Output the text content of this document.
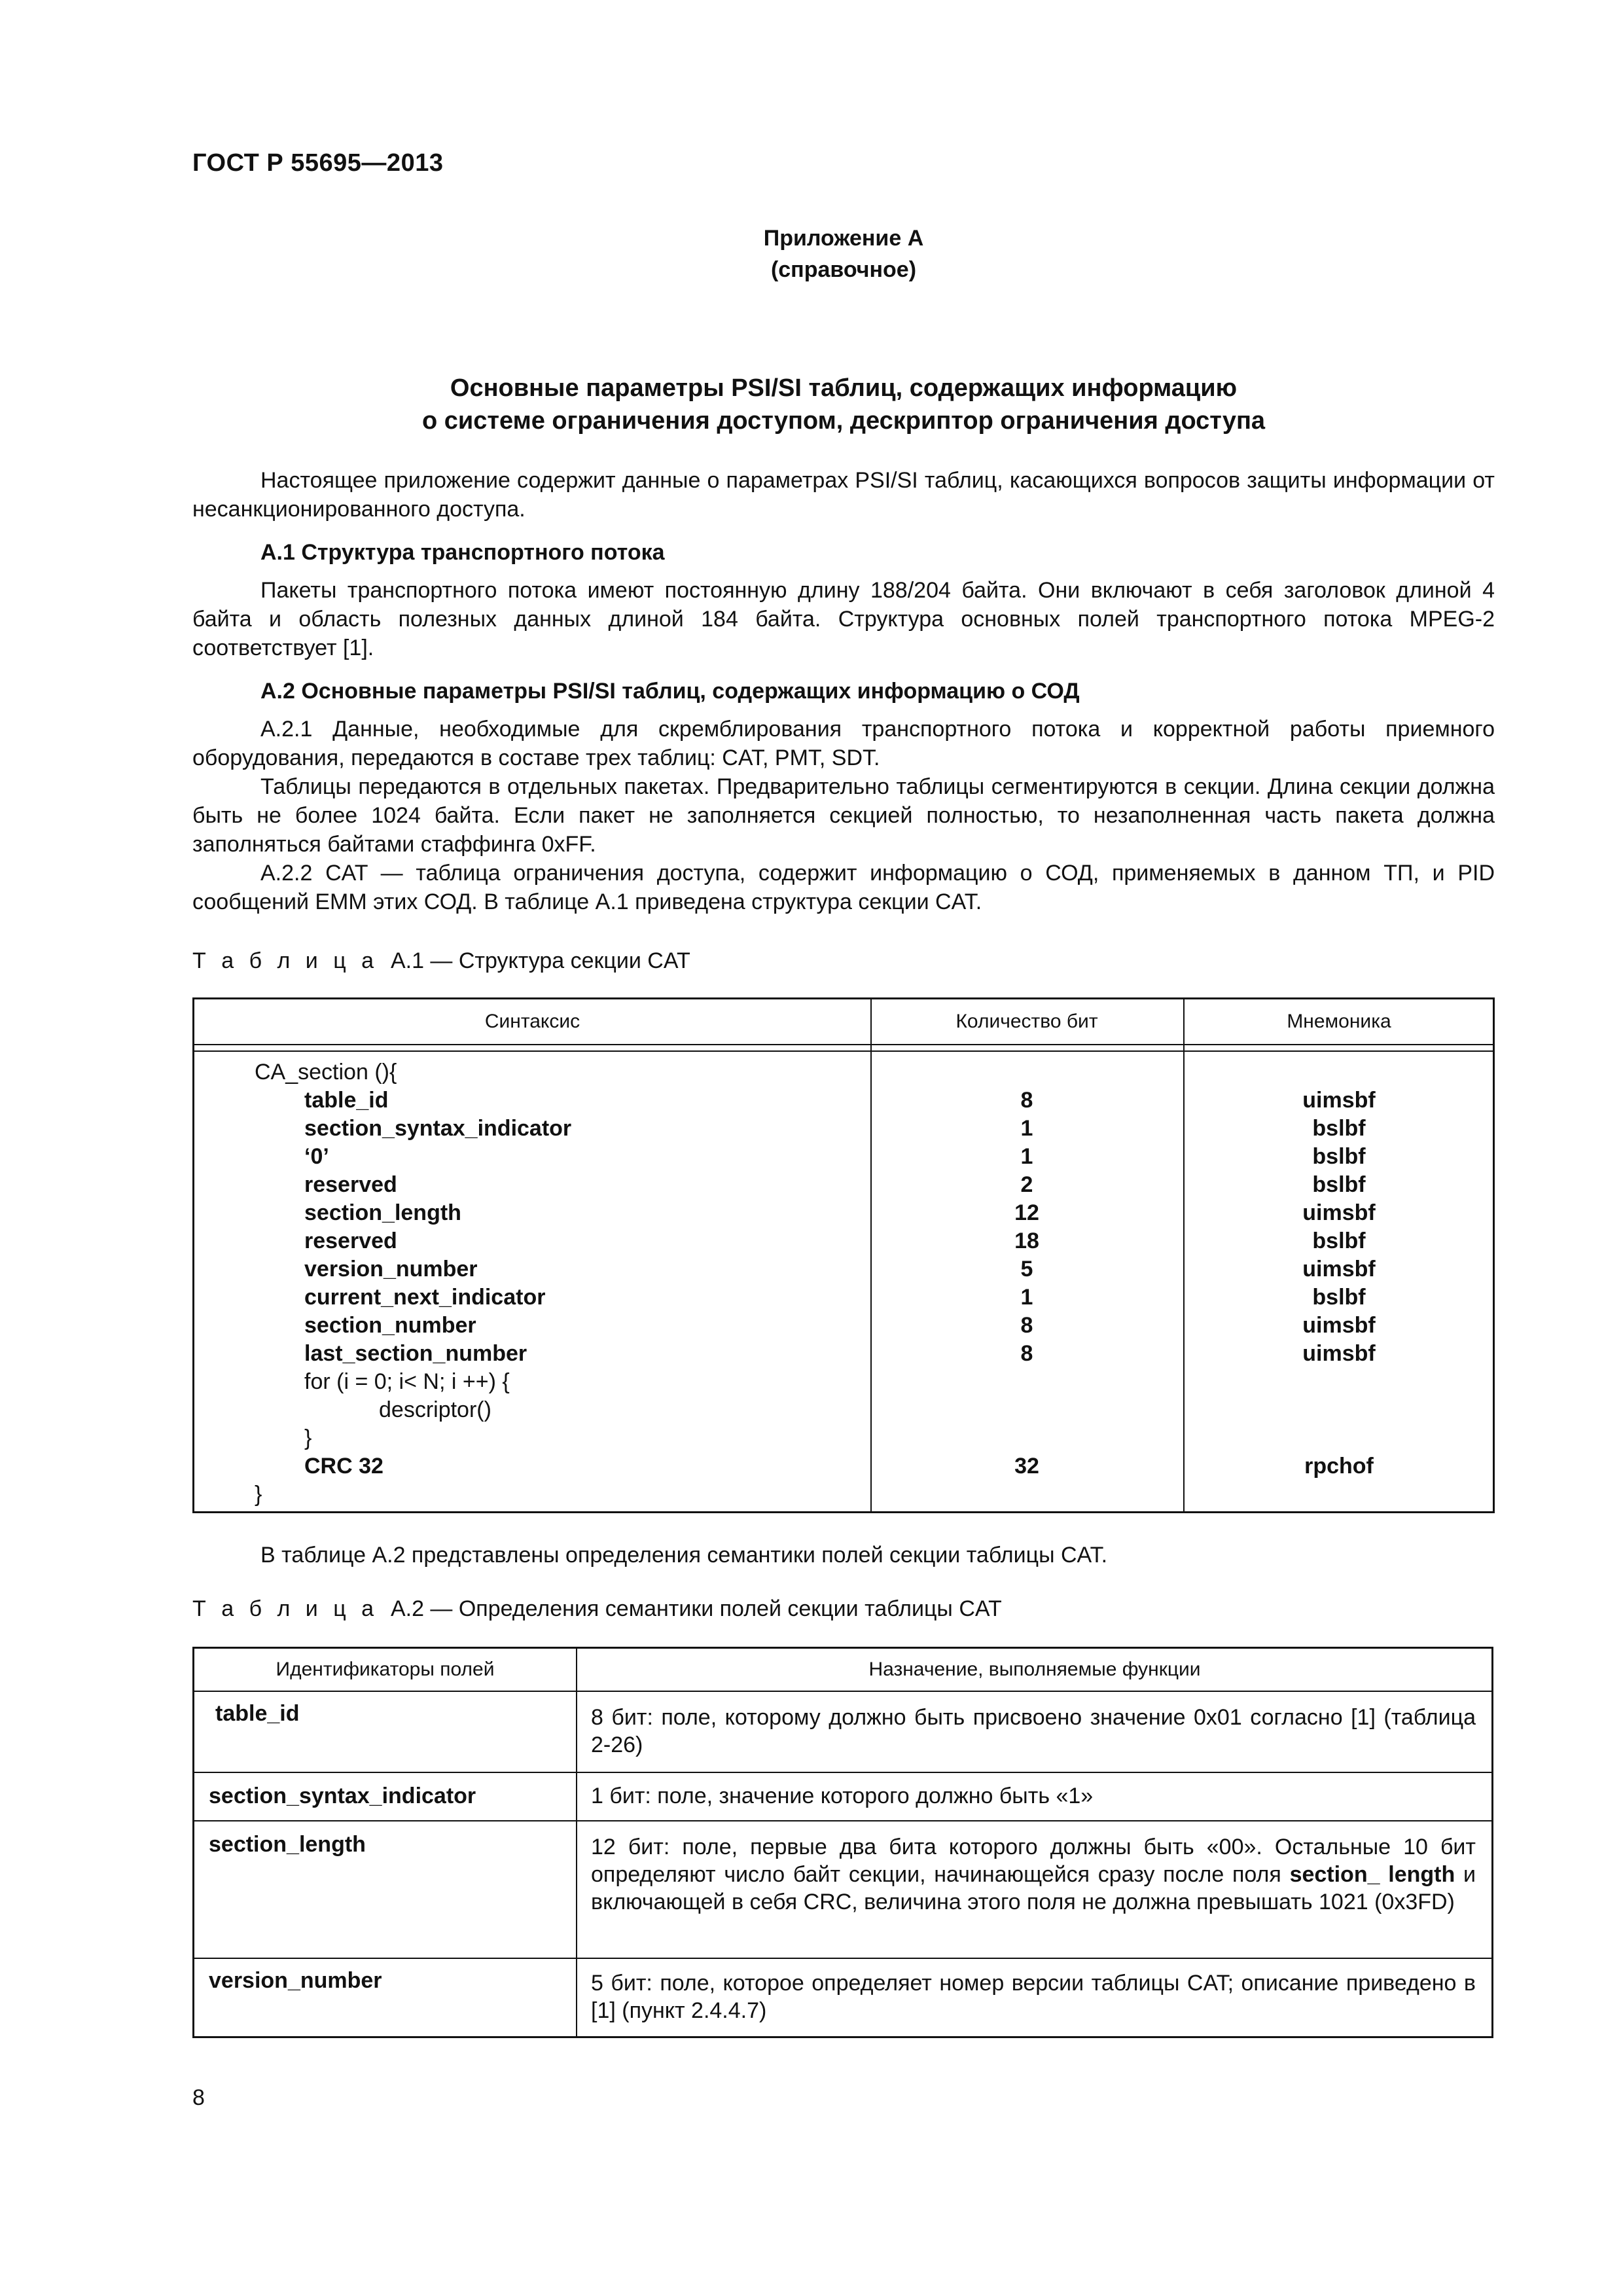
ГОСТ Р 55695—2013
Приложение А
(справочное)
Основные параметры PSI/SI таблиц, содержащих информацию
о системе ограничения доступом, дескриптор ограничения доступа
Настоящее приложение содержит данные о параметрах PSI/SI таблиц, касающихся вопросов защиты информации от несанкционированного доступа.
А.1 Структура транспортного потока
Пакеты транспортного потока имеют постоянную длину 188/204 байта. Они включают в себя заголовок длиной 4 байта и область полезных данных длиной 184 байта. Структура основных полей транспортного потока MPEG-2 соответствует [1].
А.2 Основные параметры PSI/SI таблиц, содержащих информацию о СОД
А.2.1 Данные, необходимые для скремблирования транспортного потока и корректной работы приемного оборудования, передаются в составе трех таблиц: CAT, PMT, SDT.
Таблицы передаются в отдельных пакетах. Предварительно таблицы сегментируются в секции. Длина секции должна быть не более 1024 байта. Если пакет не заполняется секцией полностью, то незаполненная часть пакета должна заполняться байтами стаффинга 0xFF.
А.2.2 CAT — таблица ограничения доступа, содержит информацию о СОД, применяемых в данном ТП, и PID сообщений EMM этих СОД. В таблице А.1 приведена структура секции CAT.
Т а б л и ц а  А.1 — Структура секции CAT
Синтаксис	Количество бит	Мнемоника
CA_section (){
table_id	8	uimsbf
section_syntax_indicator	1	bslbf
‘0’	1	bslbf
reserved	2	bslbf
section_length	12	uimsbf
reserved	18	bslbf
version_number	5	uimsbf
current_next_indicator	1	bslbf
section_number	8	uimsbf
last_section_number	8	uimsbf
for (i = 0; i< N; i ++) {
descriptor()
}
CRC 32	32	rpchof
}
В таблице А.2 представлены определения семантики полей секции таблицы CAT.
Т а б л и ц а  А.2 — Определения семантики полей секции таблицы CAT
Идентификаторы полей	Назначение, выполняемые функции
table_id	8 бит: поле, которому должно быть присвоено значение 0x01 согласно [1] (таблица 2-26)
section_syntax_indicator	1 бит: поле, значение которого должно быть «1»
section_length	12 бит: поле, первые два бита которого должны быть «00». Остальные 10 бит определяют число байт секции, начинающейся сразу после поля section_ length и включающей в себя CRC, величина этого поля не должна превышать 1021 (0x3FD)
version_number	5 бит: поле, которое определяет номер версии таблицы CAT; описание приведено в [1] (пункт 2.4.4.7)
8
